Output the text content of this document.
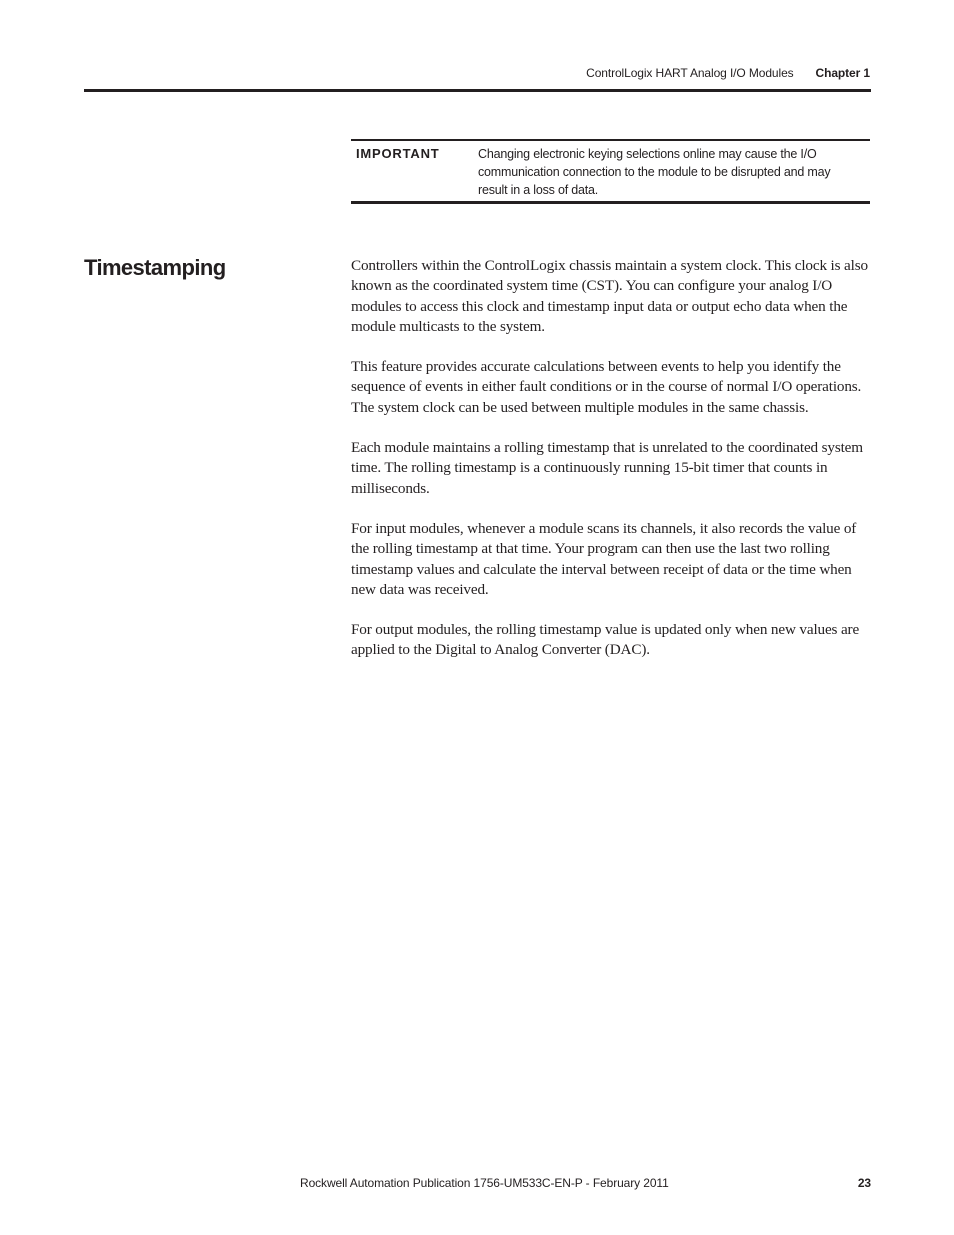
ControlLogix HART Analog I/O Modules Chapter 1
IMPORTANT	Changing electronic keying selections online may cause the I/O communication connection to the module to be disrupted and may result in a loss of data.
Timestamping	Controllers within the ControlLogix chassis maintain a system clock. This clock is also known as the coordinated system time (CST). You can configure your analog I/O modules to access this clock and timestamp input data or output echo data when the module multicasts to the system.

This feature provides accurate calculations between events to help you identify the sequence of events in either fault conditions or in the course of normal I/O operations. The system clock can be used between multiple modules in the same chassis.

Each module maintains a rolling timestamp that is unrelated to the coordinated system time. The rolling timestamp is a continuously running 15-bit timer that counts in milliseconds.

For input modules, whenever a module scans its channels, it also records the value of the rolling timestamp at that time. Your program can then use the last two rolling timestamp values and calculate the interval between receipt of data or the time when new data was received.

For output modules, the rolling timestamp value is updated only when new values are applied to the Digital to Analog Converter (DAC).

Rockwell Automation Publication 1756-UM533C-EN-P - February 2011	23
